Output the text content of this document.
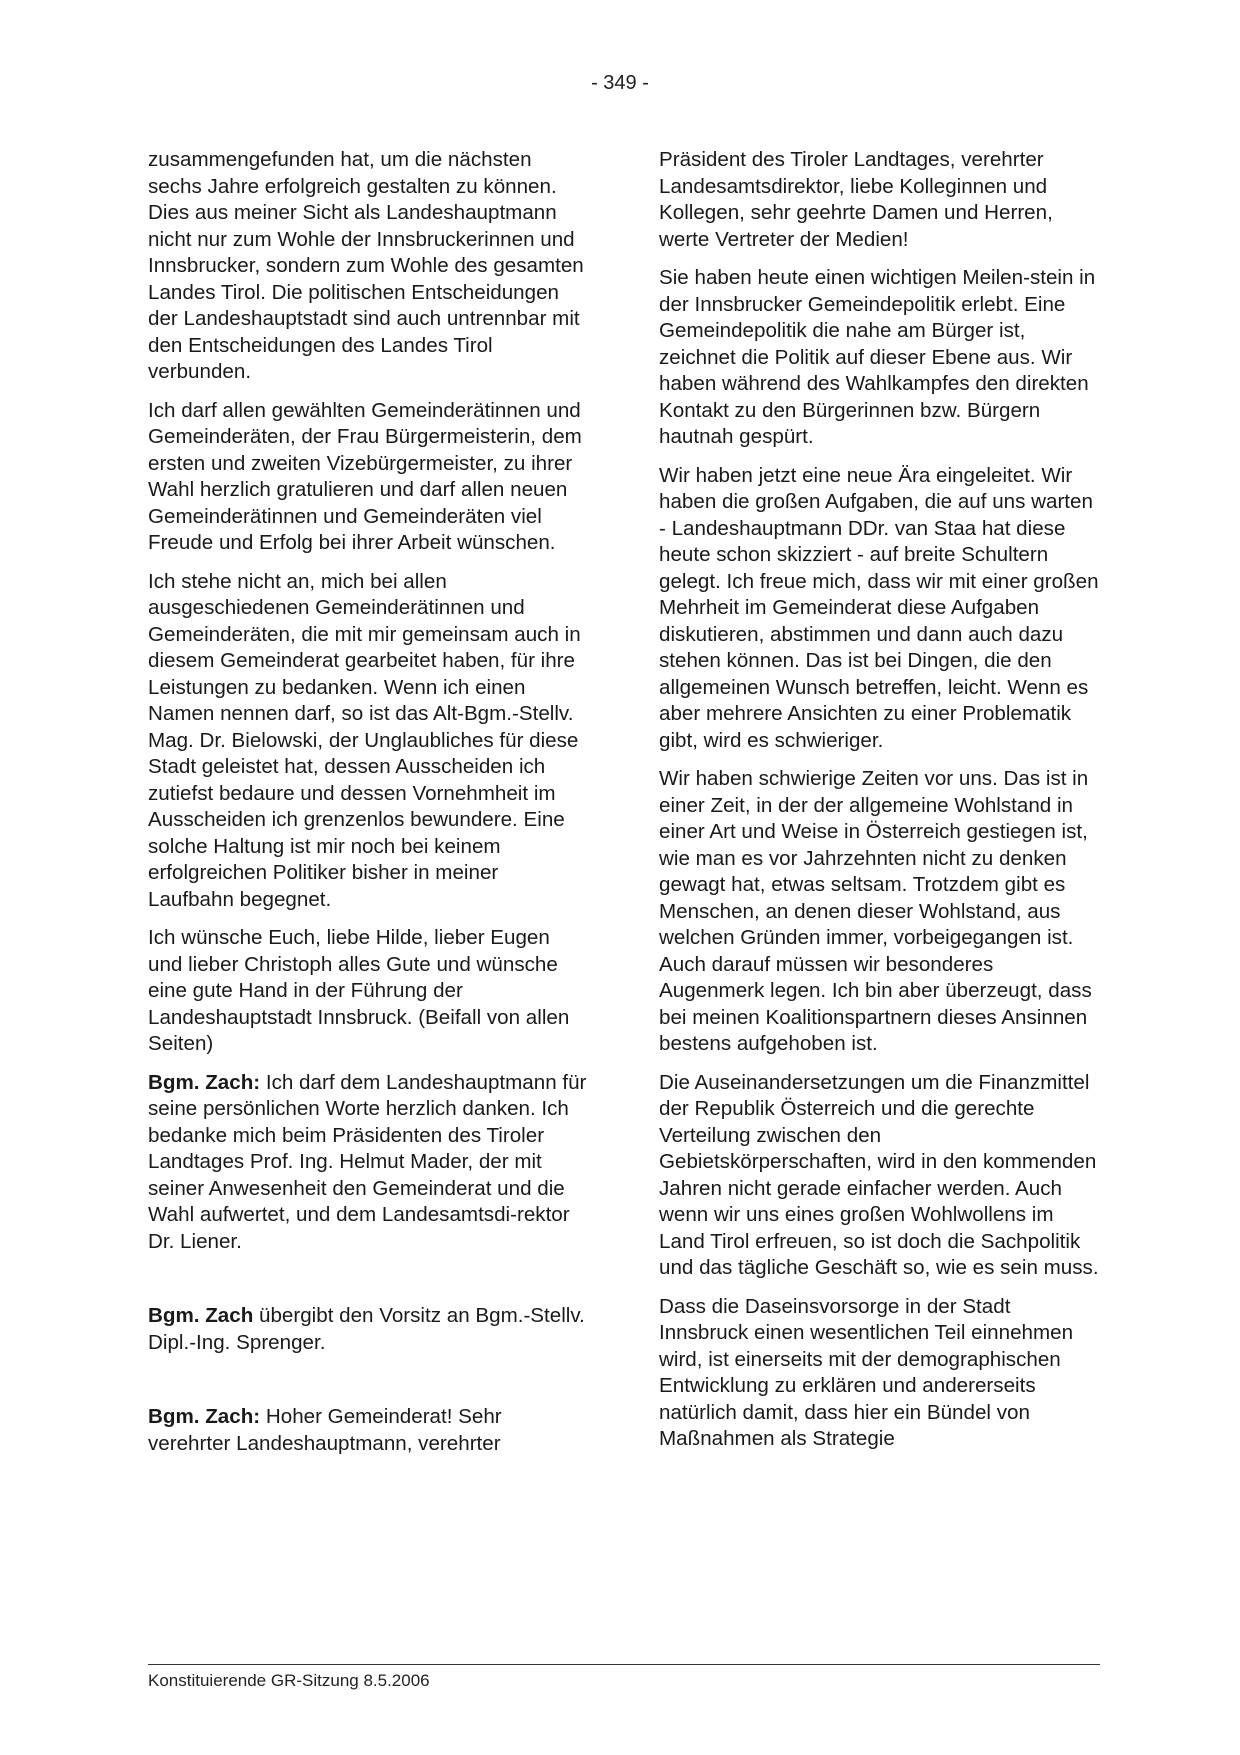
- 349 -

zusammengefunden hat, um die nächsten sechs Jahre erfolgreich gestalten zu können. Dies aus meiner Sicht als Landeshauptmann nicht nur zum Wohle der Innsbruckerinnen und Innsbrucker, sondern zum Wohle des gesamten Landes Tirol. Die politischen Entscheidungen der Landeshauptstadt sind auch untrennbar mit den Entscheidungen des Landes Tirol verbunden.

Ich darf allen gewählten Gemeinderätinnen und Gemeinderäten, der Frau Bürgermeisterin, dem ersten und zweiten Vizebürgermeister, zu ihrer Wahl herzlich gratulieren und darf allen neuen Gemeinderätinnen und Gemeinderäten viel Freude und Erfolg bei ihrer Arbeit wünschen.

Ich stehe nicht an, mich bei allen ausgeschiedenen Gemeinderätinnen und Gemeinderäten, die mit mir gemeinsam auch in diesem Gemeinderat gearbeitet haben, für ihre Leistungen zu bedanken. Wenn ich einen Namen nennen darf, so ist das Alt-Bgm.-Stellv. Mag. Dr. Bielowski, der Unglaubliches für diese Stadt geleistet hat, dessen Ausscheiden ich zutiefst bedaure und dessen Vornehmheit im Ausscheiden ich grenzenlos bewundere. Eine solche Haltung ist mir noch bei keinem erfolgreichen Politiker bisher in meiner Laufbahn begegnet.

Ich wünsche Euch, liebe Hilde, lieber Eugen und lieber Christoph alles Gute und wünsche eine gute Hand in der Führung der Landeshauptstadt Innsbruck. (Beifall von allen Seiten)

Bgm. Zach: Ich darf dem Landeshauptmann für seine persönlichen Worte herzlich danken. Ich bedanke mich beim Präsidenten des Tiroler Landtages Prof. Ing. Helmut Mader, der mit seiner Anwesenheit den Gemeinderat und die Wahl aufwertet, und dem Landesamtsdi-rektor Dr. Liener.

Bgm. Zach übergibt den Vorsitz an Bgm.-Stellv. Dipl.-Ing. Sprenger.

Bgm. Zach: Hoher Gemeinderat! Sehr verehrter Landeshauptmann, verehrter

Präsident des Tiroler Landtages, verehrter Landesamtsdirektor, liebe Kolleginnen und Kollegen, sehr geehrte Damen und Herren, werte Vertreter der Medien!

Sie haben heute einen wichtigen Meilen-stein in der Innsbrucker Gemeindepolitik erlebt. Eine Gemeindepolitik die nahe am Bürger ist, zeichnet die Politik auf dieser Ebene aus. Wir haben während des Wahlkampfes den direkten Kontakt zu den Bürgerinnen bzw. Bürgern hautnah gespürt.

Wir haben jetzt eine neue Ära eingeleitet. Wir haben die großen Aufgaben, die auf uns warten - Landeshauptmann DDr. van Staa hat diese heute schon skizziert - auf breite Schultern gelegt. Ich freue mich, dass wir mit einer großen Mehrheit im Gemeinderat diese Aufgaben diskutieren, abstimmen und dann auch dazu stehen können. Das ist bei Dingen, die den allgemeinen Wunsch betreffen, leicht. Wenn es aber mehrere Ansichten zu einer Problematik gibt, wird es schwieriger.

Wir haben schwierige Zeiten vor uns. Das ist in einer Zeit, in der der allgemeine Wohlstand in einer Art und Weise in Österreich gestiegen ist, wie man es vor Jahrzehnten nicht zu denken gewagt hat, etwas seltsam. Trotzdem gibt es Menschen, an denen dieser Wohlstand, aus welchen Gründen immer, vorbeigegangen ist. Auch darauf müssen wir besonderes Augenmerk legen. Ich bin aber überzeugt, dass bei meinen Koalitionspartnern dieses Ansinnen bestens aufgehoben ist.

Die Auseinandersetzungen um die Finanzmittel der Republik Österreich und die gerechte Verteilung zwischen den Gebietskörperschaften, wird in den kommenden Jahren nicht gerade einfacher werden. Auch wenn wir uns eines großen Wohlwollens im Land Tirol erfreuen, so ist doch die Sachpolitik und das tägliche Geschäft so, wie es sein muss.

Dass die Daseinsvorsorge in der Stadt Innsbruck einen wesentlichen Teil einnehmen wird, ist einerseits mit der demographischen Entwicklung zu erklären und andererseits natürlich damit, dass hier ein Bündel von Maßnahmen als Strategie

Konstituierende GR-Sitzung 8.5.2006
